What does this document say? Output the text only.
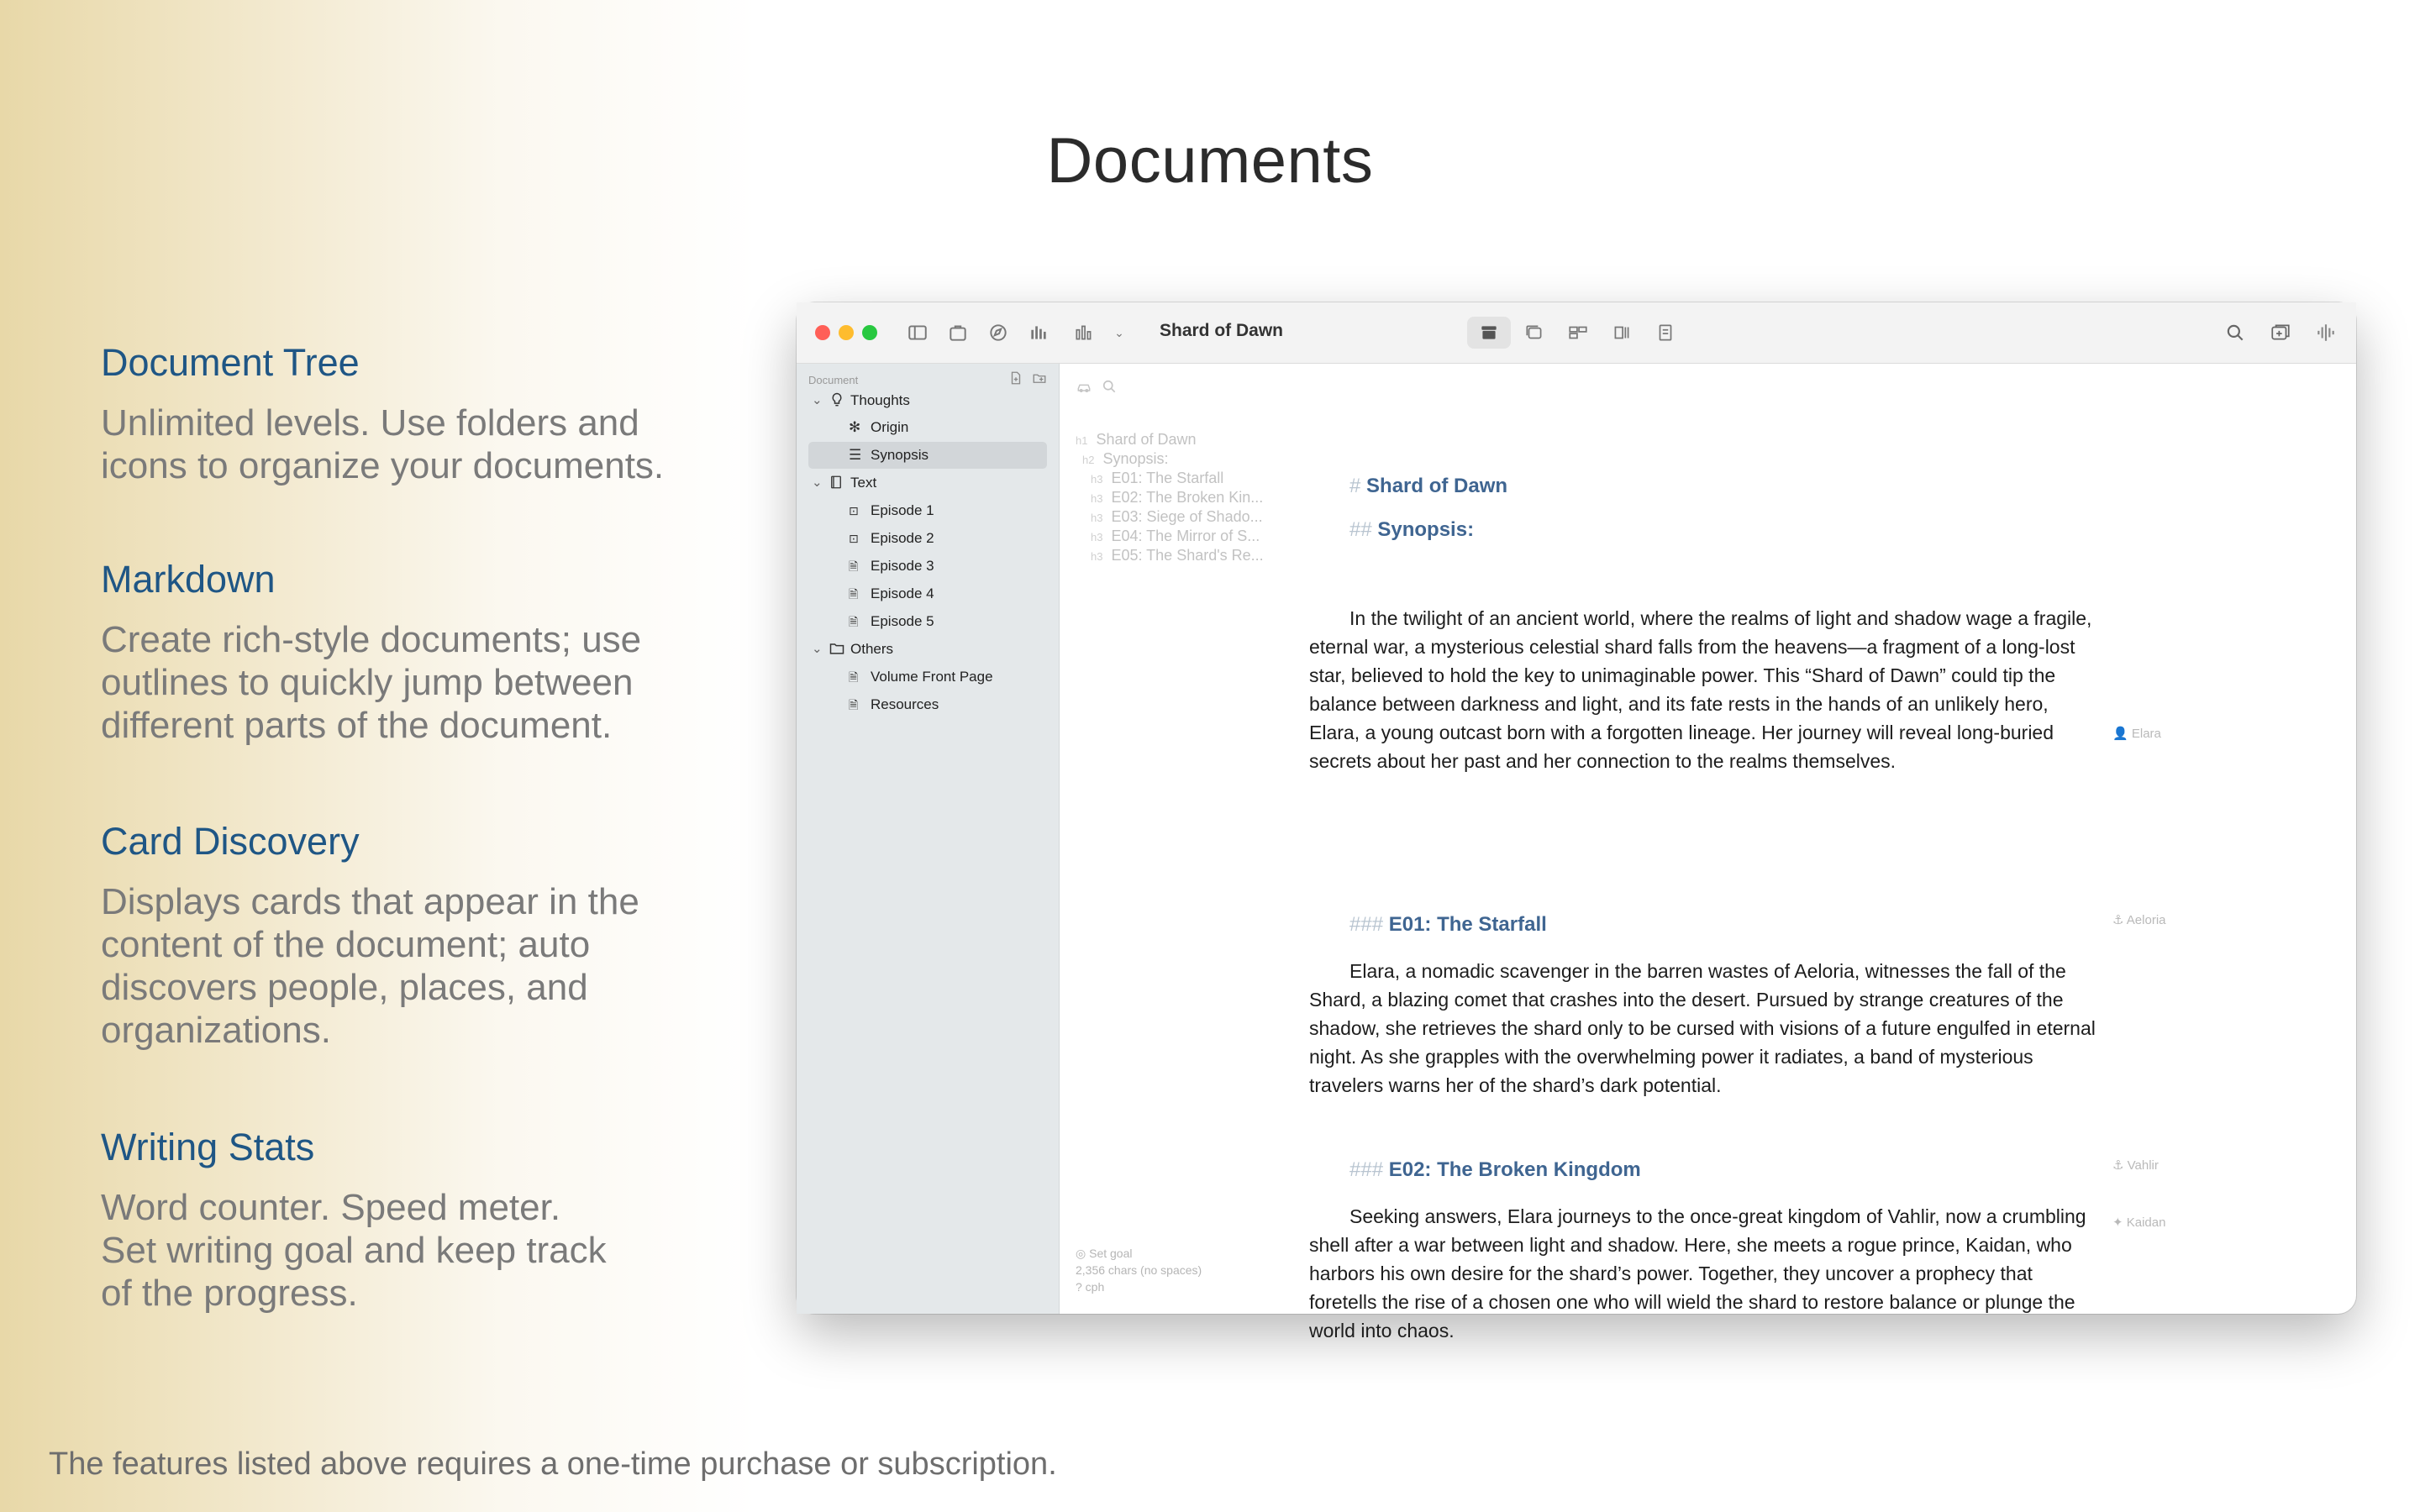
Documents
Document Tree

Unlimited levels. Use folders and
icons to organize your documents.

Markdown

Create rich-style documents; use
outlines to quickly jump between
different parts of the document.

Card Discovery

Displays cards that appear in the
content of the document; auto
discovers people, places, and
organizations.

Writing Stats

Word counter. Speed meter.
Set writing goal and keep track
of the progress.

The features listed above requires a one-time purchase or subscription.
⌄ Shard of Dawn
Document
⌄ Thoughts
✻ Origin
☰ Synopsis
⌄ Text
⊡ Episode 1
⊡ Episode 2
🗎 Episode 3
🗎 Episode 4
🗎 Episode 5
⌄ Others
🗎 Volume Front Page
🗎 Resources
h1 Shard of Dawn
h2 Synopsis:
h3 E01: The Starfall
h3 E02: The Broken Kin...
h3 E03: Siege of Shado...
h3 E04: The Mirror of S...
h3 E05: The Shard's Re...
◎ Set goal
2,356 chars (no spaces)
? cph
# Shard of Dawn
## Synopsis:
In the twilight of an ancient world, where the realms of light and shadow wage a fragile, eternal war, a mysterious celestial shard falls from the heavens—a fragment of a long-lost star, believed to hold the key to unimaginable power. This “Shard of Dawn” could tip the balance between darkness and light, and its fate rests in the hands of an unlikely hero, Elara, a young outcast born with a forgotten lineage. Her journey will reveal long-buried secrets about her past and her connection to the realms themselves.
### E01: The Starfall
Elara, a nomadic scavenger in the barren wastes of Aeloria, witnesses the fall of the Shard, a blazing comet that crashes into the desert. Pursued by strange creatures of the shadow, she retrieves the shard only to be cursed with visions of a future engulfed in eternal night. As she grapples with the overwhelming power it radiates, a band of mysterious travelers warns her of the shard’s dark potential.
### E02: The Broken Kingdom
Seeking answers, Elara journeys to the once-great kingdom of Vahlir, now a crumbling shell after a war between light and shadow. Here, she meets a rogue prince, Kaidan, who harbors his own desire for the shard’s power. Together, they uncover a prophecy that foretells the rise of a chosen one who will wield the shard to restore balance or plunge the world into chaos.
👤 Elara
⚓ Aeloria
⚓ Vahlir
✦ Kaidan
